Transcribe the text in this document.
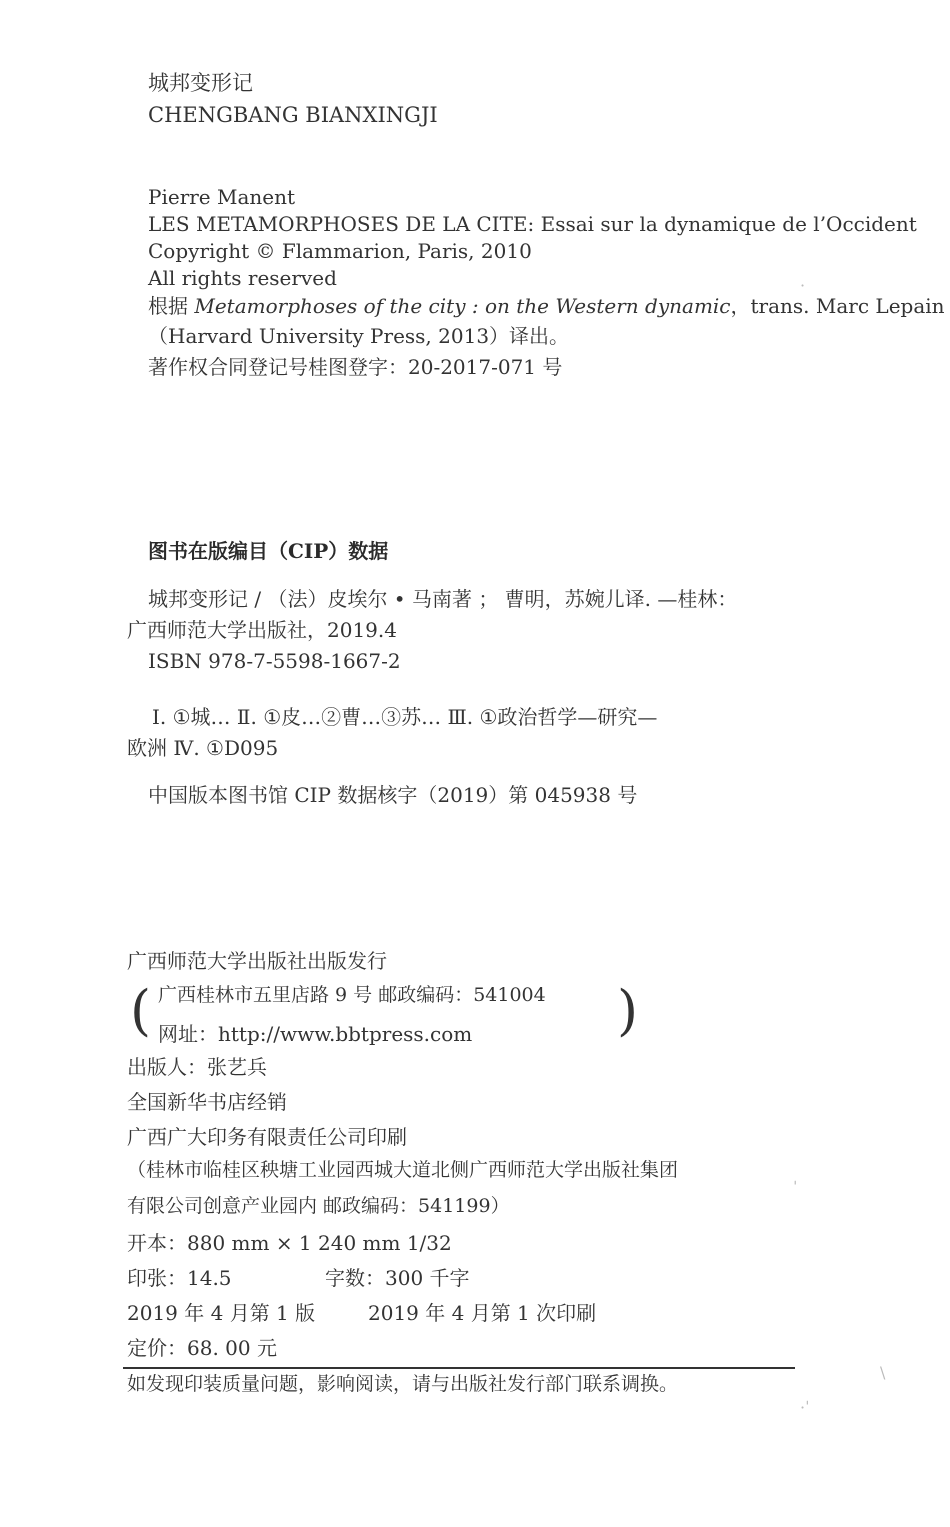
城邦变形记
CHENGBANG BIANXINGJI
Pierre Manent
LES METAMORPHOSES DE LA CITE: Essai sur la dynamique de l’Occident
Copyright © Flammarion, Paris, 2010
All rights reserved
根据 Metamorphoses of the city : on the Western dynamic，trans. Marc Lepain
（Harvard University Press, 2013）译出。
著作权合同登记号桂图登字：20-2017-071 号
图书在版编目（CIP）数据
城邦变形记 / （法）皮埃尔 • 马南著 ； 曹明，苏婉儿译. —桂林：
广西师范大学出版社，2019.4
ISBN 978-7-5598-1667-2
Ⅰ. ①城… Ⅱ. ①皮…②曹…③苏… Ⅲ. ①政治哲学—研究—
欧洲 Ⅳ. ①D095
中国版本图书馆 CIP 数据核字（2019）第 045938 号
广西师范大学出版社出版发行
( 广西桂林市五里店路 9 号 邮政编码：541004
网址：http://www.bbtpress.com	)
出版人：张艺兵
全国新华书店经销
广西广大印务有限责任公司印刷
（桂林市临桂区秧塘工业园西城大道北侧广西师范大学出版社集团
有限公司创意产业园内 邮政编码：541199）
开本：880 mm × 1 240 mm 1/32
印张：14.5	字数：300 千字
2019 年 4 月第 1 版	2019 年 4 月第 1 次印刷
定价：68. 00 元
如发现印装质量问题，影响阅读，请与出版社发行部门联系调换。
·
ˈ
\
·ˈ
